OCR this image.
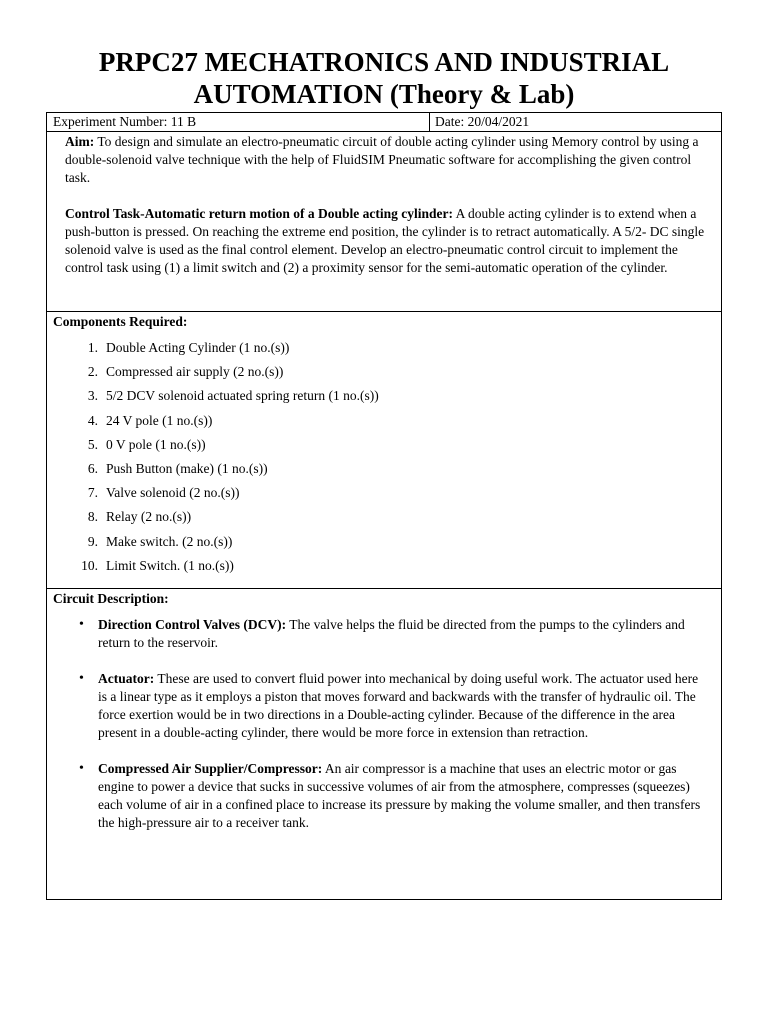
PRPC27 MECHATRONICS AND INDUSTRIAL
AUTOMATION (Theory & Lab)
Experiment Number: 11 B	Date: 20/04/2021

Aim: To design and simulate an electro-pneumatic circuit of double acting cylinder using Memory control by using a double-solenoid valve technique with the help of FluidSIM Pneumatic software for accomplishing the given control task.

Control Task-Automatic return motion of a Double acting cylinder: A double acting cylinder is to extend when a push-button is pressed. On reaching the extreme end position, the cylinder is to retract automatically. A 5/2- DC single solenoid valve is used as the final control element. Develop an electro-pneumatic control circuit to implement the control task using (1) a limit switch and (2) a proximity sensor for the semi-automatic operation of the cylinder.

Components Required:
1. Double Acting Cylinder (1 no.(s))
2. Compressed air supply (2 no.(s))
3. 5/2 DCV solenoid actuated spring return (1 no.(s))
4. 24 V pole (1 no.(s))
5. 0 V pole (1 no.(s))
6. Push Button (make) (1 no.(s))
7. Valve solenoid (2 no.(s))
8. Relay (2 no.(s))
9. Make switch. (2 no.(s))
10. Limit Switch. (1 no.(s))
Circuit Description:
• Direction Control Valves (DCV): The valve helps the fluid be directed from the pumps to the cylinders and return to the reservoir.
• Actuator: These are used to convert fluid power into mechanical by doing useful work. The actuator used here is a linear type as it employs a piston that moves forward and backwards with the transfer of hydraulic oil. The force exertion would be in two directions in a Double-acting cylinder. Because of the difference in the area present in a double-acting cylinder, there would be more force in extension than retraction.
• Compressed Air Supplier/Compressor: An air compressor is a machine that uses an electric motor or gas engine to power a device that sucks in successive volumes of air from the atmosphere, compresses (squeezes) each volume of air in a confined place to increase its pressure by making the volume smaller, and then transfers the high-pressure air to a receiver tank.
